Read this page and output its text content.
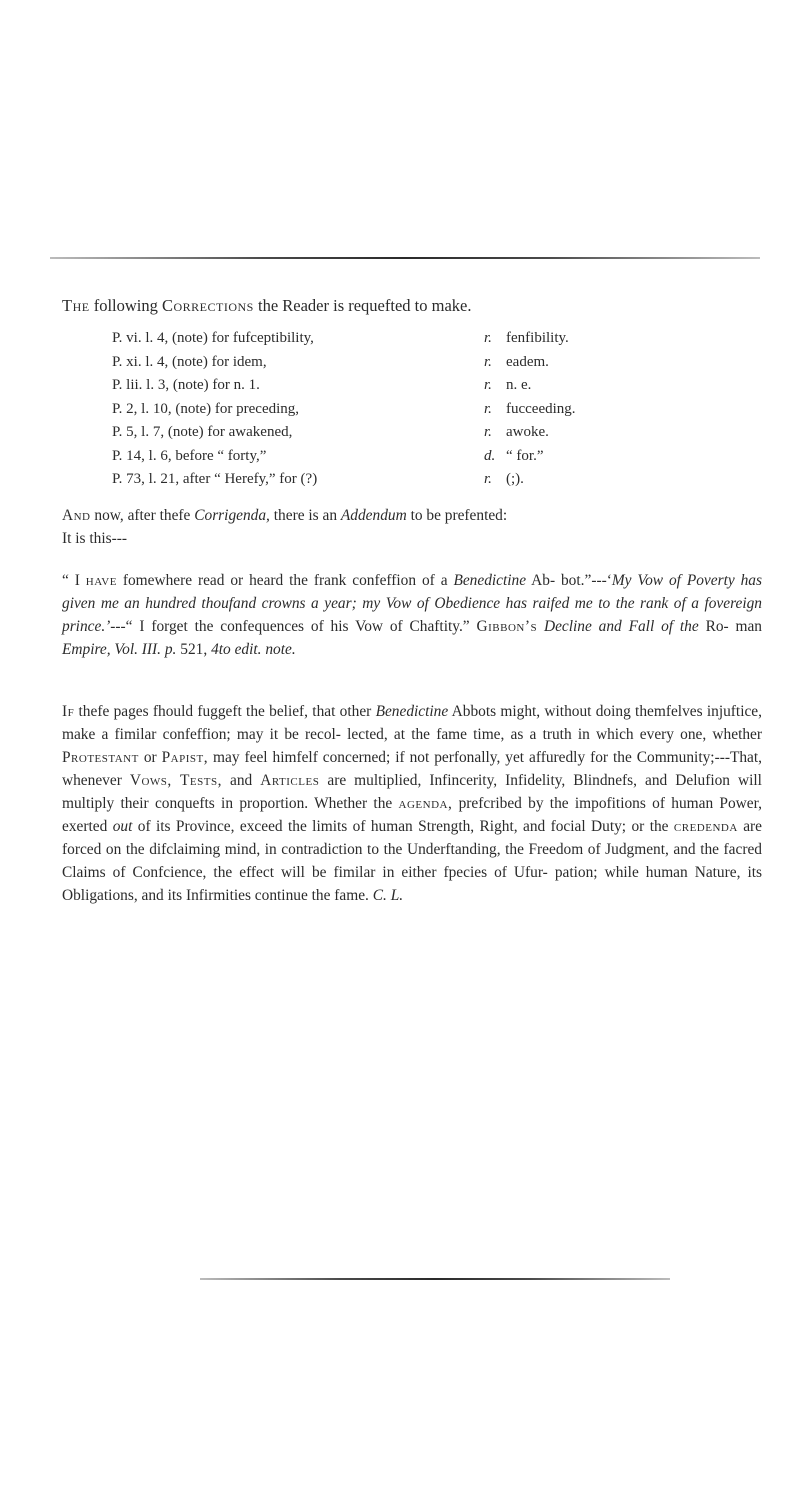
The following Corrections the Reader is requefted to make.
P. vi. l. 4, (note) for fufceptibility,	r. fenfibility.
P. xi. l. 4, (note) for idem,	r. eadem.
P. lii. l. 3, (note) for n. 1.	r. n. e.
P. 2, l. 10, (note) for preceding,	r. fucceeding.
P. 5, l. 7, (note) for awakened,	r. awoke.
P. 14, l. 6, before “ forty,”	d. “ for.”
P. 73, l. 21, after “ Herefy,” for (?)	r. (;).
And now, after thefe Corrigenda, there is an Addendum to be prefented:
It is this---
“ I have fomewhere read or heard the frank confeffion of a Benedictine Ab- bot.”---‘My Vow of Poverty has given me an hundred thoufand crowns a year; my Vow of Obedience has raifed me to the rank of a fovereign prince.’---“ I forget the confequences of his Vow of Chaftity.” Gibbon’s Decline and Fall of the Ro- man Empire, Vol. III. p. 521, 4to edit. note.
If thefe pages fhould fuggeft the belief, that other Benedictine Abbots might, without doing themfelves injuftice, make a fimilar confeffion; may it be recol- lected, at the fame time, as a truth in which every one, whether Protestant or Papist, may feel himfelf concerned; if not perfonally, yet affuredly for the Community;---That, whenever Vows, Tests, and Articles are multiplied, Infincerity, Infidelity, Blindnefs, and Delufion will multiply their conquefts in proportion. Whether the agenda, prefcribed by the impofitions of human Power, exerted out of its Province, exceed the limits of human Strength, Right, and focial Duty; or the credenda are forced on the difclaiming mind, in contradiction to the Underftanding, the Freedom of Judgment, and the facred Claims of Confcience, the effect will be fimilar in either fpecies of Ufur- pation; while human Nature, its Obligations, and its Infirmities continue the fame. C. L.
